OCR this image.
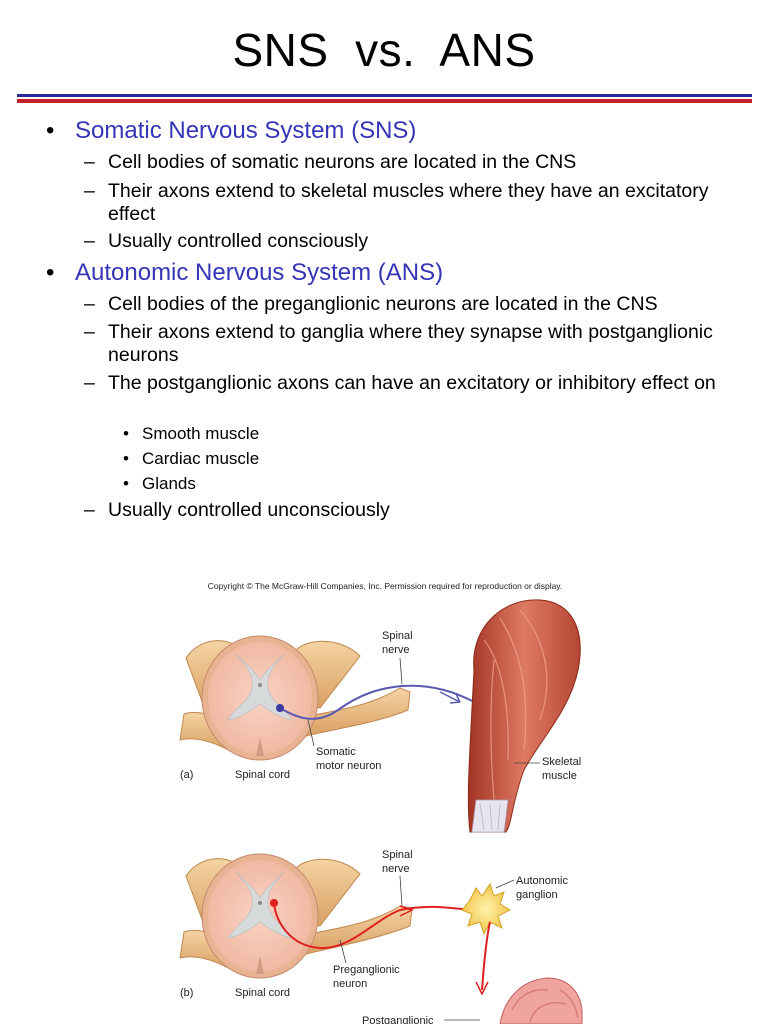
SNS  vs.  ANS
• Somatic Nervous System (SNS)
– Cell bodies of somatic neurons are located in the CNS
– Their axons extend to skeletal muscles where they have an excitatory effect
– Usually controlled consciously
• Autonomic Nervous System (ANS)
– Cell bodies of the preganglionic neurons are located in the CNS
– Their axons extend to ganglia where they synapse with postganglionic neurons
– The postganglionic axons can have an excitatory or inhibitory effect on
• Smooth muscle
• Cardiac muscle
• Glands
– Usually controlled unconsciously
Copyright © The McGraw-Hill Companies, Inc. Permission required for reproduction or display.
(a)	Spinal cord
Spinal
nerve
Somatic
motor neuron	Skeletal
muscle
(b)	Spinal cord
Spinal
nerve
Autonomic
ganglion
Preganglionic
neuron
Postganglionic
